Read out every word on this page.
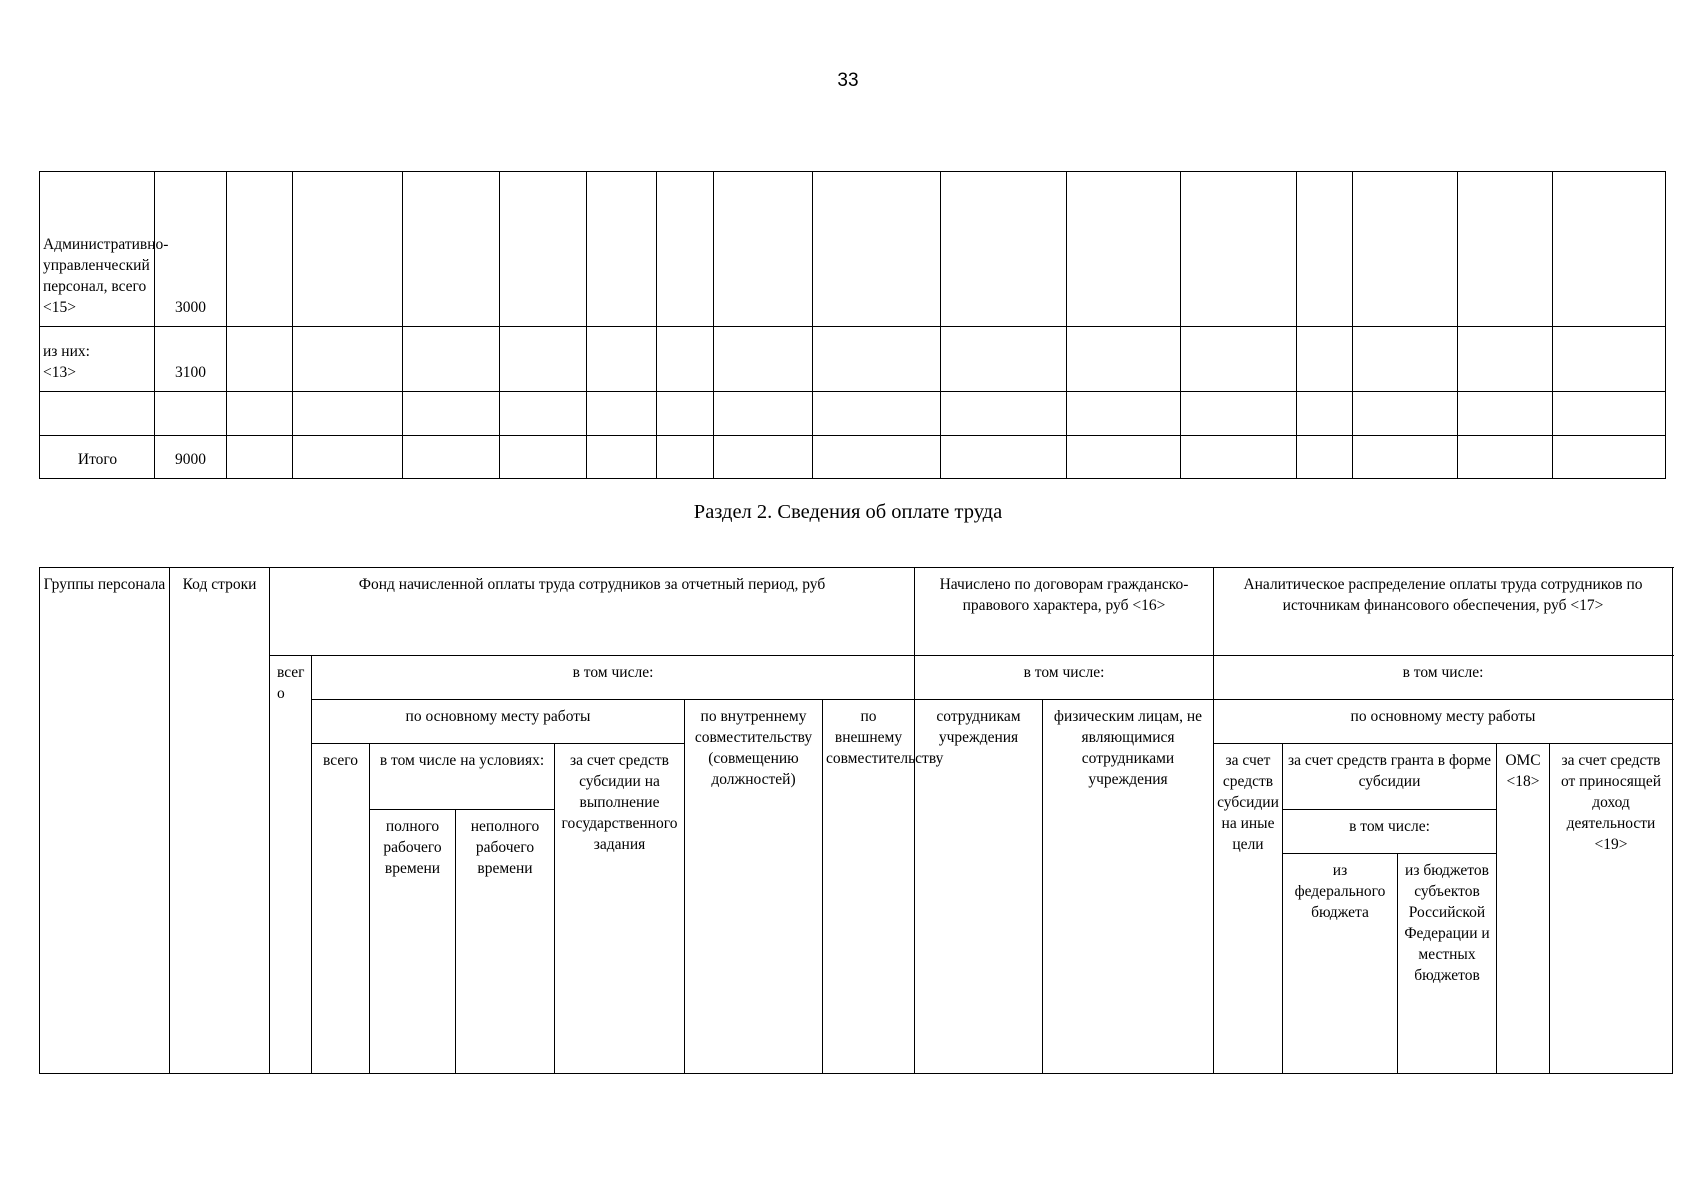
33
Административно-
управленческий
персонал, всего <15>	3000															
из них:
<13>	3100															

Итого	9000															
Раздел 2. Сведения об оплате труда
Группы персонала	Код строки	Фонд начисленной оплаты труда сотрудников за отчетный период, руб							Начислено по договорам гражданско-правового характера, руб <16>		Аналитическое распределение оплаты труда сотрудников по источникам финансового обеспечения, руб <17>				
		всего	в том числе:						в том числе:		в том числе:				
			по основному месту работы				по внутреннему совместительству (совмещению должностей)	по внешнему совместительству	сотрудникам учреждения	физическим лицам, не являющимися сотрудниками учреждения	по основному месту работы				
			всего	в том числе на условиях:		за счет средств субсидии на выполнение государственного задания					за счет средств субсидии на иные цели	за счет средств гранта в форме субсидии		ОМС <18>	за счет средств от приносящей доход деятельности <19>
				полного рабочего времени	неполного рабочего времени							в том числе:			
												из федерального бюджета	из бюджетов субъектов Российской Федерации и местных бюджетов		
